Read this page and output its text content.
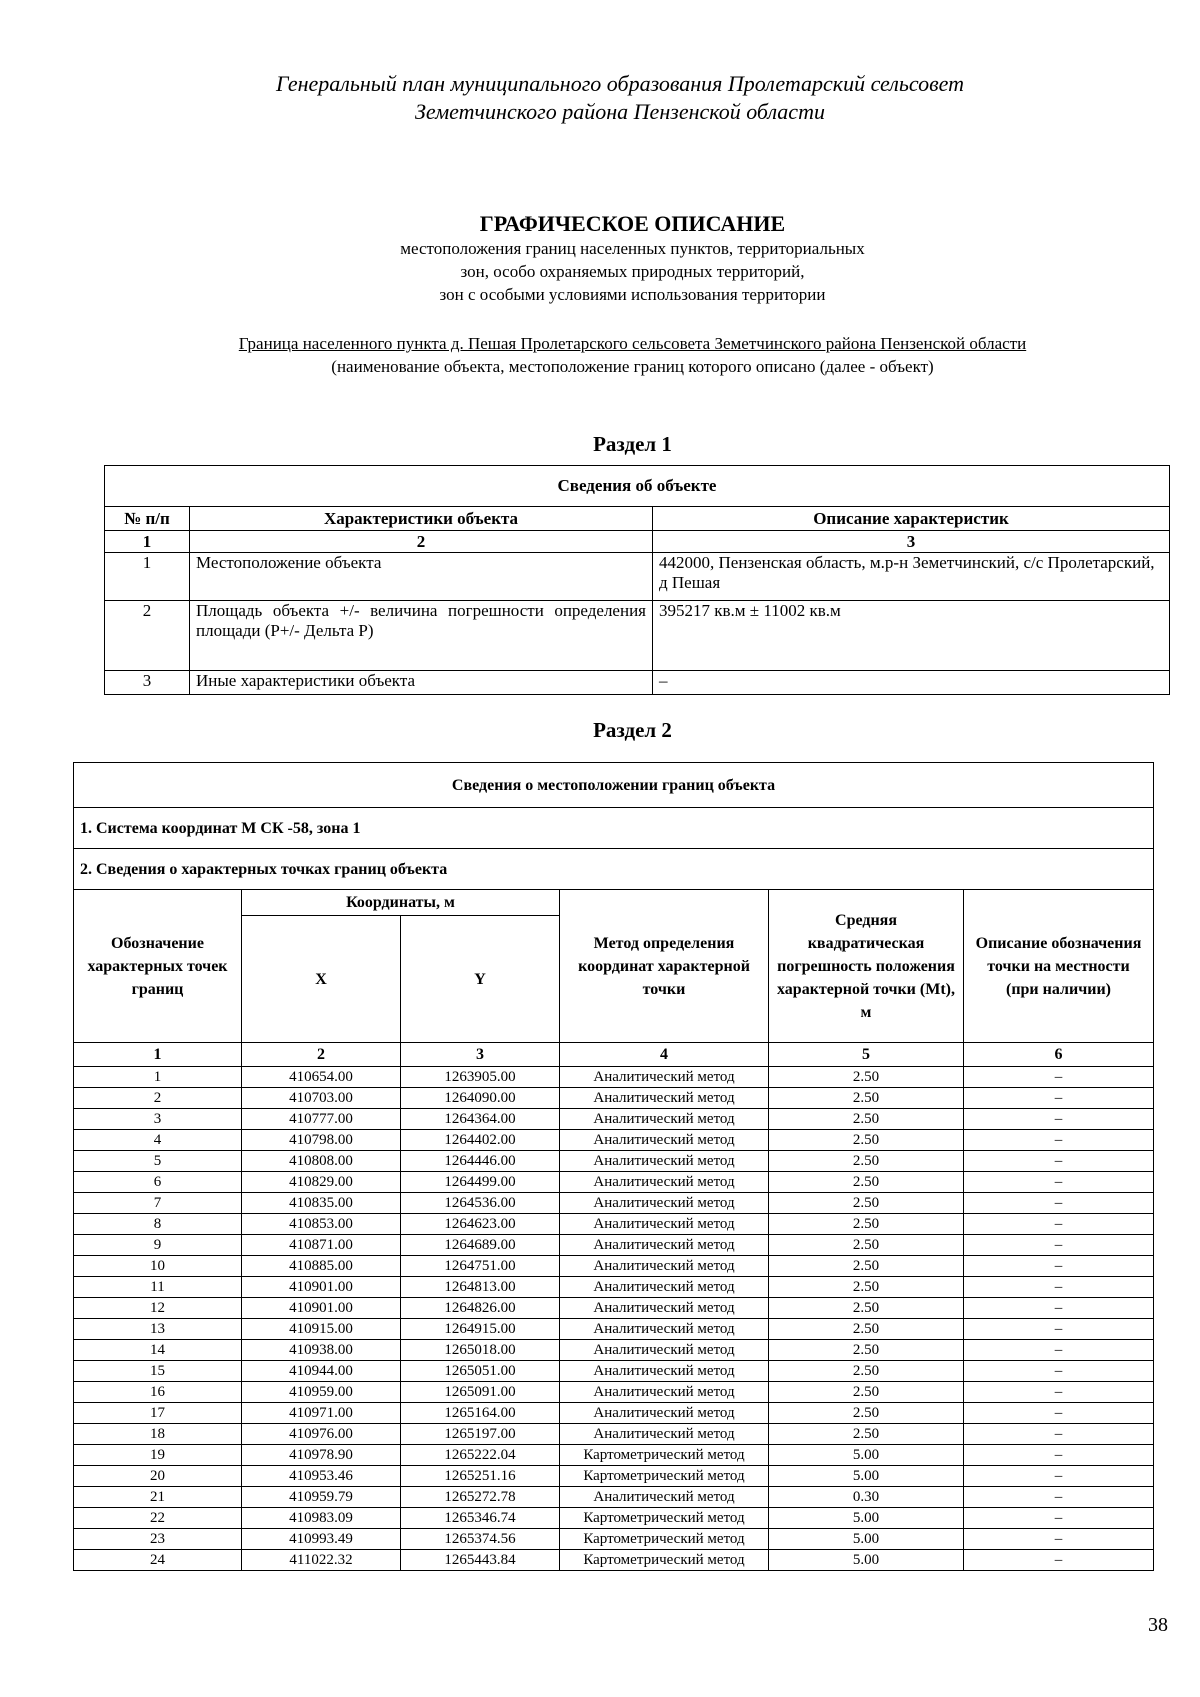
Генеральный план муниципального образования Пролетарский сельсовет
Земетчинского района Пензенской области
ГРАФИЧЕСКОЕ ОПИСАНИЕ
местоположения границ населенных пунктов, территориальных
зон, особо охраняемых природных территорий,
зон с особыми условиями использования территории
Граница населенного пункта д. Пешая Пролетарского сельсовета Земетчинского района Пензенской области
(наименование объекта, местоположение границ которого описано (далее - объект)
Раздел 1
Сведения об объекте		
№ п/п	Характеристики объекта	Описание характеристик
1	2	3
1	Местоположение объекта	442000, Пензенская область, м.р-н Земетчинский, с/с Пролетарский, д Пешая
2	Площадь объекта +/- величина погрешности определения площади (Р+/- Дельта Р)	395217 кв.м ± 11002 кв.м
3	Иные характеристики объекта	–
Раздел 2
Сведения о местоположении границ объекта					
1. Система координат М СК -58, зона 1					
2. Сведения о характерных точках границ объекта					
Обозначение характерных точек границ	Координаты, м		Метод определения координат характерной точки	Средняя квадратическая погрешность положения характерной точки (Mt), м	Описание обозначения точки на местности (при наличии)
	X	Y			
1	2	3	4	5	6
1	410654.00	1263905.00	Аналитический метод	2.50	–
2	410703.00	1264090.00	Аналитический метод	2.50	–
3	410777.00	1264364.00	Аналитический метод	2.50	–
4	410798.00	1264402.00	Аналитический метод	2.50	–
5	410808.00	1264446.00	Аналитический метод	2.50	–
6	410829.00	1264499.00	Аналитический метод	2.50	–
7	410835.00	1264536.00	Аналитический метод	2.50	–
8	410853.00	1264623.00	Аналитический метод	2.50	–
9	410871.00	1264689.00	Аналитический метод	2.50	–
10	410885.00	1264751.00	Аналитический метод	2.50	–
11	410901.00	1264813.00	Аналитический метод	2.50	–
12	410901.00	1264826.00	Аналитический метод	2.50	–
13	410915.00	1264915.00	Аналитический метод	2.50	–
14	410938.00	1265018.00	Аналитический метод	2.50	–
15	410944.00	1265051.00	Аналитический метод	2.50	–
16	410959.00	1265091.00	Аналитический метод	2.50	–
17	410971.00	1265164.00	Аналитический метод	2.50	–
18	410976.00	1265197.00	Аналитический метод	2.50	–
19	410978.90	1265222.04	Картометрический метод	5.00	–
20	410953.46	1265251.16	Картометрический метод	5.00	–
21	410959.79	1265272.78	Аналитический метод	0.30	–
22	410983.09	1265346.74	Картометрический метод	5.00	–
23	410993.49	1265374.56	Картометрический метод	5.00	–
24	411022.32	1265443.84	Картометрический метод	5.00	–
38
